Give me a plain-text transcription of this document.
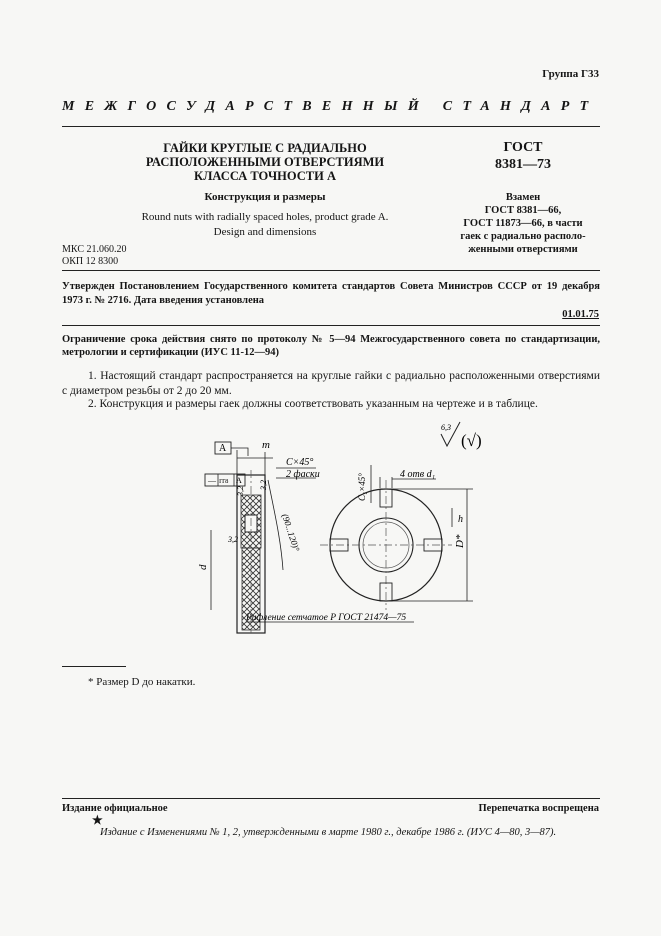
Группа Г33
МЕЖГОСУДАРСТВЕННЫЙ СТАНДАРТ
ГАЙКИ КРУГЛЫЕ С РАДИАЛЬНО
РАСПОЛОЖЕННЫМИ ОТВЕРСТИЯМИ
КЛАССА ТОЧНОСТИ А
Конструкция и размеры
Round nuts with radially spaced holes, product grade A.
Design and dimensions
ГОСТ
8381—73
Взамен
ГОСТ 8381—66,
ГОСТ 11873—66, в части
гаек с радиально располо-
женными отверстиями
МКС 21.060.20
ОКП 12 8300
Утвержден Постановлением Государственного комитета стандартов Совета Министров СССР от 19 декабря 1973 г. № 2716. Дата введения установлена
01.01.75
Ограничение срока действия снято по протоколу № 5—94 Межгосударственного совета по стандартизации, метрологии и сертификации (ИУС 11-12—94)
1. Настоящий стандарт распространяется на круглые гайки с радиально расположенными отверстиями с диаметром резьбы от 2 до 20 мм.
2. Конструкция и размеры гаек должны соответствовать указанным на чертеже и в таблице.
m
C×45°
2 фаски
(90...120)°
d
3,2
3,2
3,2
A
— IT8 A
4 отв d₁
C₁×45°
h
D*
6,3
(√)
Рифление сетчатое P ГОСТ 21474—75
* Размер D до накатки.
Издание официальное	Перепечатка воспрещена
★
Издание с Изменениями № 1, 2, утвержденными в марте 1980 г., декабре 1986 г. (ИУС 4—80, 3—87).
